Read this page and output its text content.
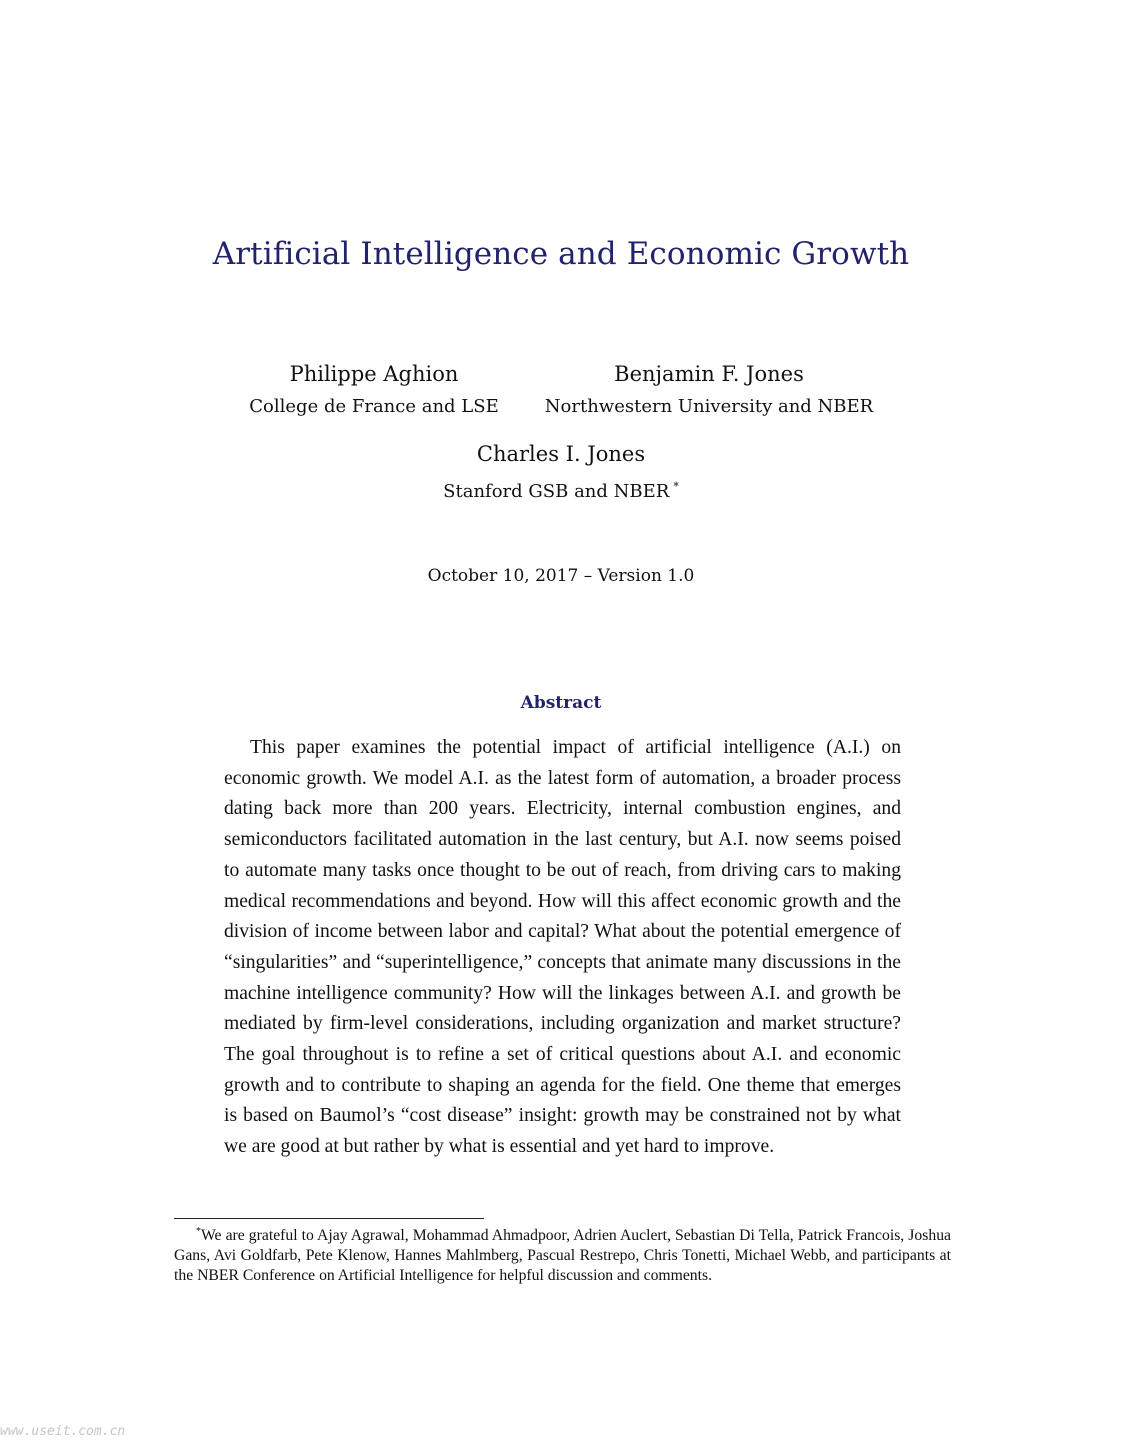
Artificial Intelligence and Economic Growth
Philippe Aghion
College de France and LSE
Benjamin F. Jones
Northwestern University and NBER
Charles I. Jones
Stanford GSB and NBER *
October 10, 2017 – Version 1.0
Abstract
This paper examines the potential impact of artificial intelligence (A.I.) on economic growth. We model A.I. as the latest form of automation, a broader process dating back more than 200 years. Electricity, internal combustion engines, and semiconductors facilitated automation in the last century, but A.I. now seems poised to automate many tasks once thought to be out of reach, from driving cars to making medical recommendations and beyond. How will this affect economic growth and the division of income between labor and capital? What about the potential emergence of “singularities” and “superintelligence,” concepts that animate many discussions in the machine intelligence community? How will the linkages between A.I. and growth be mediated by firm-level considerations, including organization and market structure? The goal throughout is to refine a set of critical questions about A.I. and economic growth and to contribute to shaping an agenda for the field. One theme that emerges is based on Baumol’s “cost disease” insight: growth may be constrained not by what we are good at but rather by what is essential and yet hard to improve.
*We are grateful to Ajay Agrawal, Mohammad Ahmadpoor, Adrien Auclert, Sebastian Di Tella, Patrick Francois, Joshua Gans, Avi Goldfarb, Pete Klenow, Hannes Mahlmberg, Pascual Restrepo, Chris Tonetti, Michael Webb, and participants at the NBER Conference on Artificial Intelligence for helpful discussion and comments.
www.useit.com.cn
